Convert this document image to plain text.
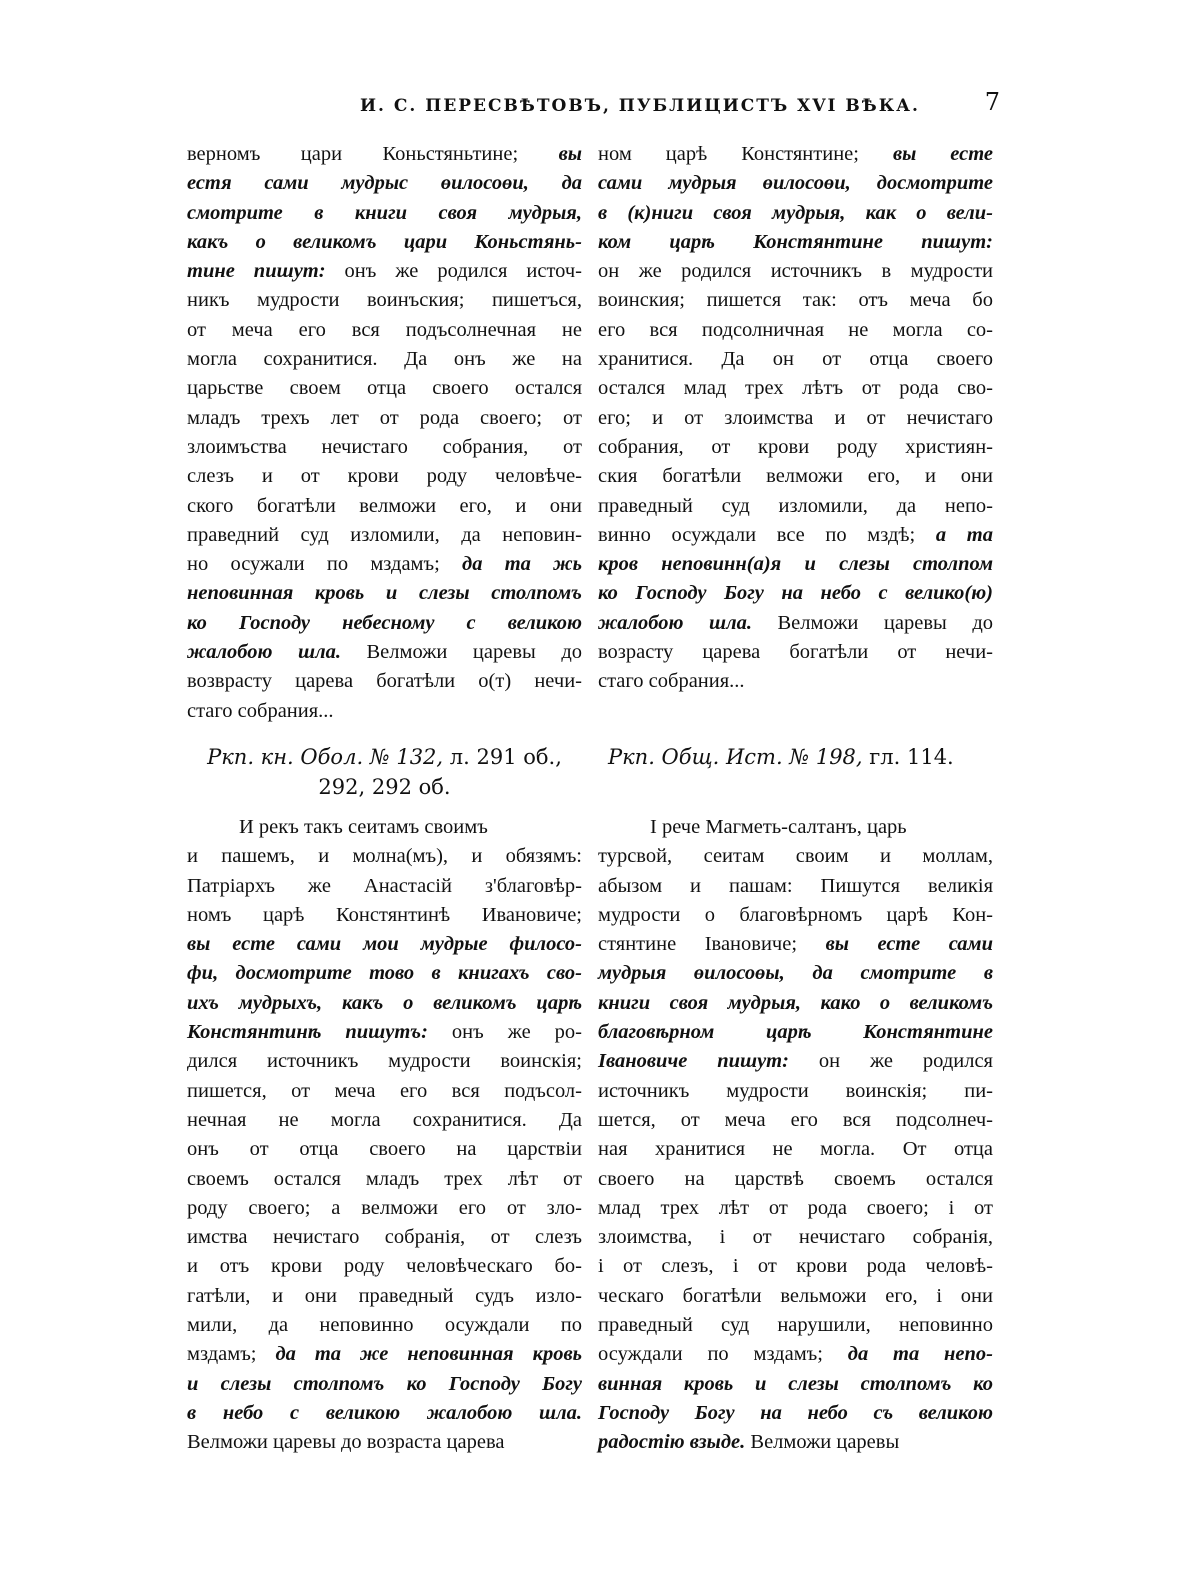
И. С. ПЕРЕСВѢТОВЪ, ПУБЛИЦИСТЪ XVI ВѢКА.	7
верномъ цари Коньстяньтине; вы
естя сами мудрыс өилосоөи, да
смотрите в книги своя мудрыя,
какъ о великомъ цари Коньстянь-
тине пишут: онъ же родился источ-
никъ мудрости воинъския; пишетъся,
от меча его вся подъсолнечная не
могла сохранитися. Да онъ же на
царьстве своем отца своего остался
младъ трехъ лет от рода своего; от
злоимъства нечистаго собрания, от
слезъ и от крови роду человѣче-
ского богатѣли велможи его, и они
праведний суд изломили, да неповин-
но осужали по мздамъ; да та жь
неповинная кровь и слезы столпомъ
ко Господу небесному с великою
жалобою шла. Велможи царевы до
возврасту царева богатѣли о(т) нечи-
стаго собрания...
ном царѣ Констянтине; вы есте
сами мудрыя өилосоөи, досмотрите
в (к)ниги своя мудрыя, как о вели-
ком царѣ Констянтине пишут:
он же родился источникъ в мудрости
воинския; пишется так: отъ меча бо
его вся подсолничная не могла со-
хранитися. Да он от отца своего
остался млад трех лѣтъ от рода сво-
его; и от злоимства и от нечистаго
собрания, от крови роду християн-
ския богатѣли велможи его, и они
праведный суд изломили, да непо-
винно осуждали все по мздѣ; а та
кров неповинн(а)я и слезы столпом
ко Господу Богу на небо с велико(ю)
жалобою шла. Велможи царевы до
возрасту царева богатѣли от нечи-
стаго собрания...
Ркп. кн. Обол. № 132, л. 291 об.,
292, 292 об.
Ркп. Общ. Ист. № 198, гл. 114.
И рекъ такъ сеитамъ своимъ
и пашемъ, и молна(мъ), и обязямъ:
Патріархъ же Анастасій з'благовѣр-
номъ царѣ Констянтинѣ Ивановиче;
вы есте сами мои мудрые филосо-
фи, досмотрите тово в книгахъ сво-
ихъ мудрыхъ, какъ о великомъ царѣ
Констянтинѣ пишутъ: онъ же ро-
дился источникъ мудрости воинскія;
пишется, от меча его вся подъсол-
нечная не могла сохранитися. Да
онъ от отца своего на царствіи
своемъ остался младъ трех лѣт от
роду своего; а велможи его от зло-
имства нечистаго собранія, от слезъ
и отъ крови роду человѣческаго бо-
гатѣли, и они праведный судъ изло-
мили, да неповинно осуждали по
мздамъ; да та же неповинная кровь
и слезы столпомъ ко Господу Богу
в небо с великою жалобою шла.
Велможи царевы до возраста царева
І рече Магметь-салтанъ, царь
турсвой, сеитам своим и моллам,
абызом и пашам: Пишутся великія
мудрости о благовѣрномъ царѣ Кон-
стянтине Івановиче; вы есте сами
мудрыя өилосоөы, да смотрите в
книги своя мудрыя, како о великомъ
благовѣрном царѣ Констянтине
Івановиче пишут: он же родился
источникъ мудрости воинскія; пи-
шется, от меча его вся подсолнеч-
ная хранитися не могла. От отца
своего на царствѣ своемъ остался
млад трех лѣт от рода своего; і от
злоимства, і от нечистаго собранія,
і от слезъ, і от крови рода человѣ-
ческаго богатѣли вельможи его, і они
праведный суд нарушили, неповинно
осуждали по мздамъ; да та непо-
винная кровь и слезы столпомъ ко
Господу Богу на небо съ великою
радостію взыде. Велможи царевы
